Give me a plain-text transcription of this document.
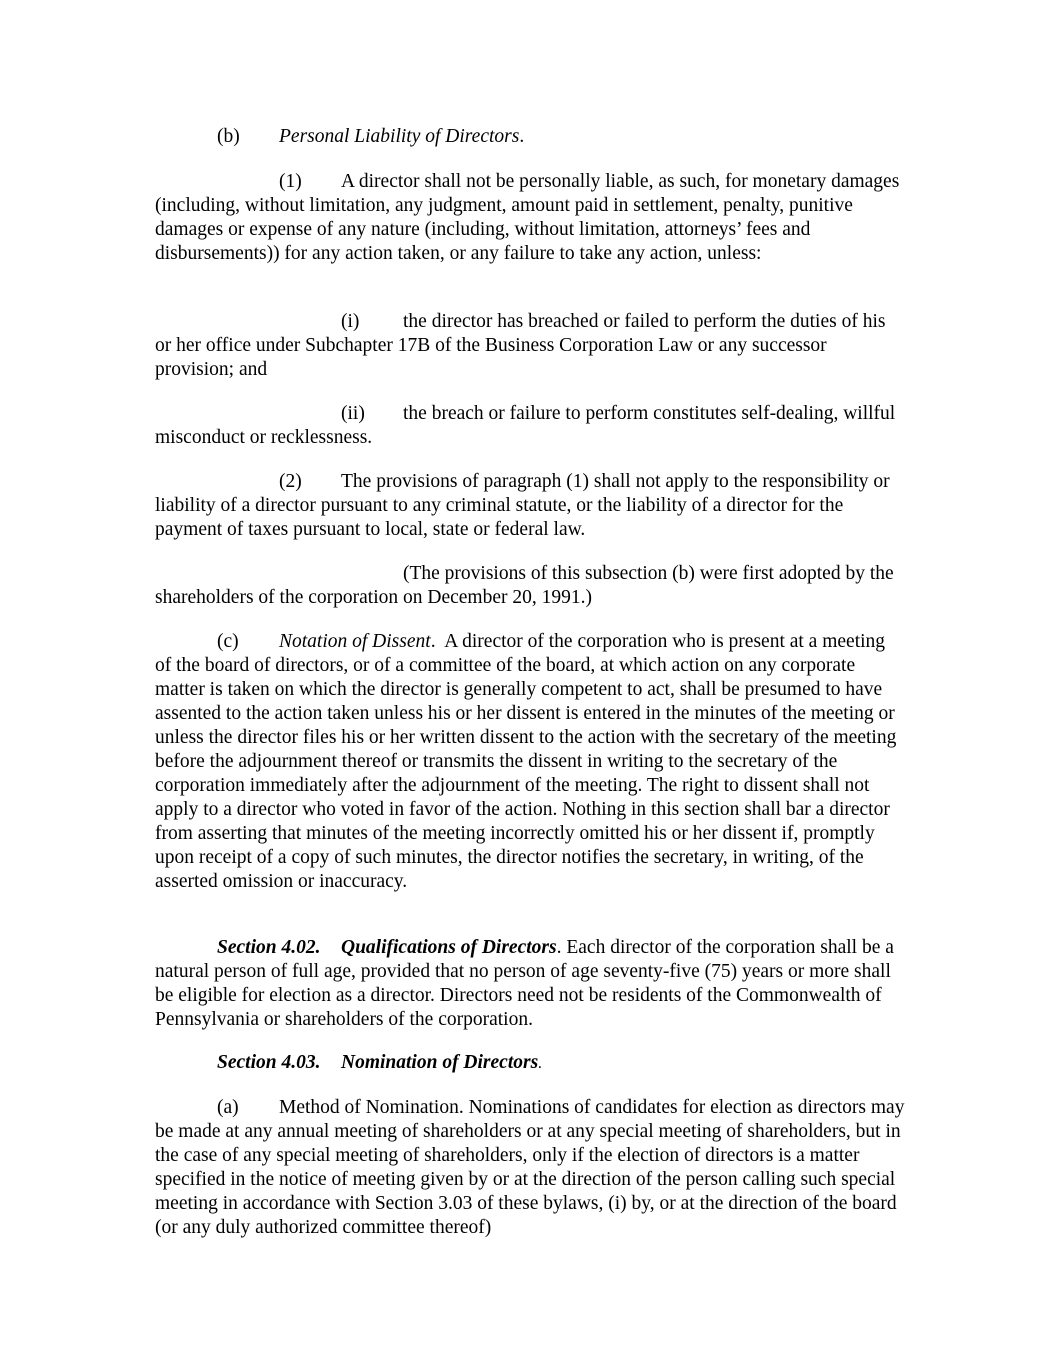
(b) Personal Liability of Directors.

(1) A director shall not be personally liable, as such, for monetary damages (including, without limitation, any judgment, amount paid in settlement, penalty, punitive damages or expense of any nature (including, without limitation, attorneys’ fees and disbursements)) for any action taken, or any failure to take any action, unless:

(i) the director has breached or failed to perform the duties of his or her office under Subchapter 17B of the Business Corporation Law or any successor provision; and

(ii) the breach or failure to perform constitutes self-dealing, willful misconduct or recklessness.

(2) The provisions of paragraph (1) shall not apply to the responsibility or liability of a director pursuant to any criminal statute, or the liability of a director for the payment of taxes pursuant to local, state or federal law.

(The provisions of this subsection (b) were first adopted by the shareholders of the corporation on December 20, 1991.)

(c) Notation of Dissent. A director of the corporation who is present at a meeting of the board of directors, or of a committee of the board, at which action on any corporate matter is taken on which the director is generally competent to act, shall be presumed to have assented to the action taken unless his or her dissent is entered in the minutes of the meeting or unless the director files his or her written dissent to the action with the secretary of the meeting before the adjournment thereof or transmits the dissent in writing to the secretary of the corporation immediately after the adjournment of the meeting. The right to dissent shall not apply to a director who voted in favor of the action. Nothing in this section shall bar a director from asserting that minutes of the meeting incorrectly omitted his or her dissent if, promptly upon receipt of a copy of such minutes, the director notifies the secretary, in writing, of the asserted omission or inaccuracy.

Section 4.02. Qualifications of Directors. Each director of the corporation shall be a natural person of full age, provided that no person of age seventy-five (75) years or more shall be eligible for election as a director. Directors need not be residents of the Commonwealth of Pennsylvania or shareholders of the corporation.

Section 4.03. Nomination of Directors.

(a) Method of Nomination. Nominations of candidates for election as directors may be made at any annual meeting of shareholders or at any special meeting of shareholders, but in the case of any special meeting of shareholders, only if the election of directors is a matter specified in the notice of meeting given by or at the direction of the person calling such special meeting in accordance with Section 3.03 of these bylaws, (i) by, or at the direction of the board (or any duly authorized committee thereof)
